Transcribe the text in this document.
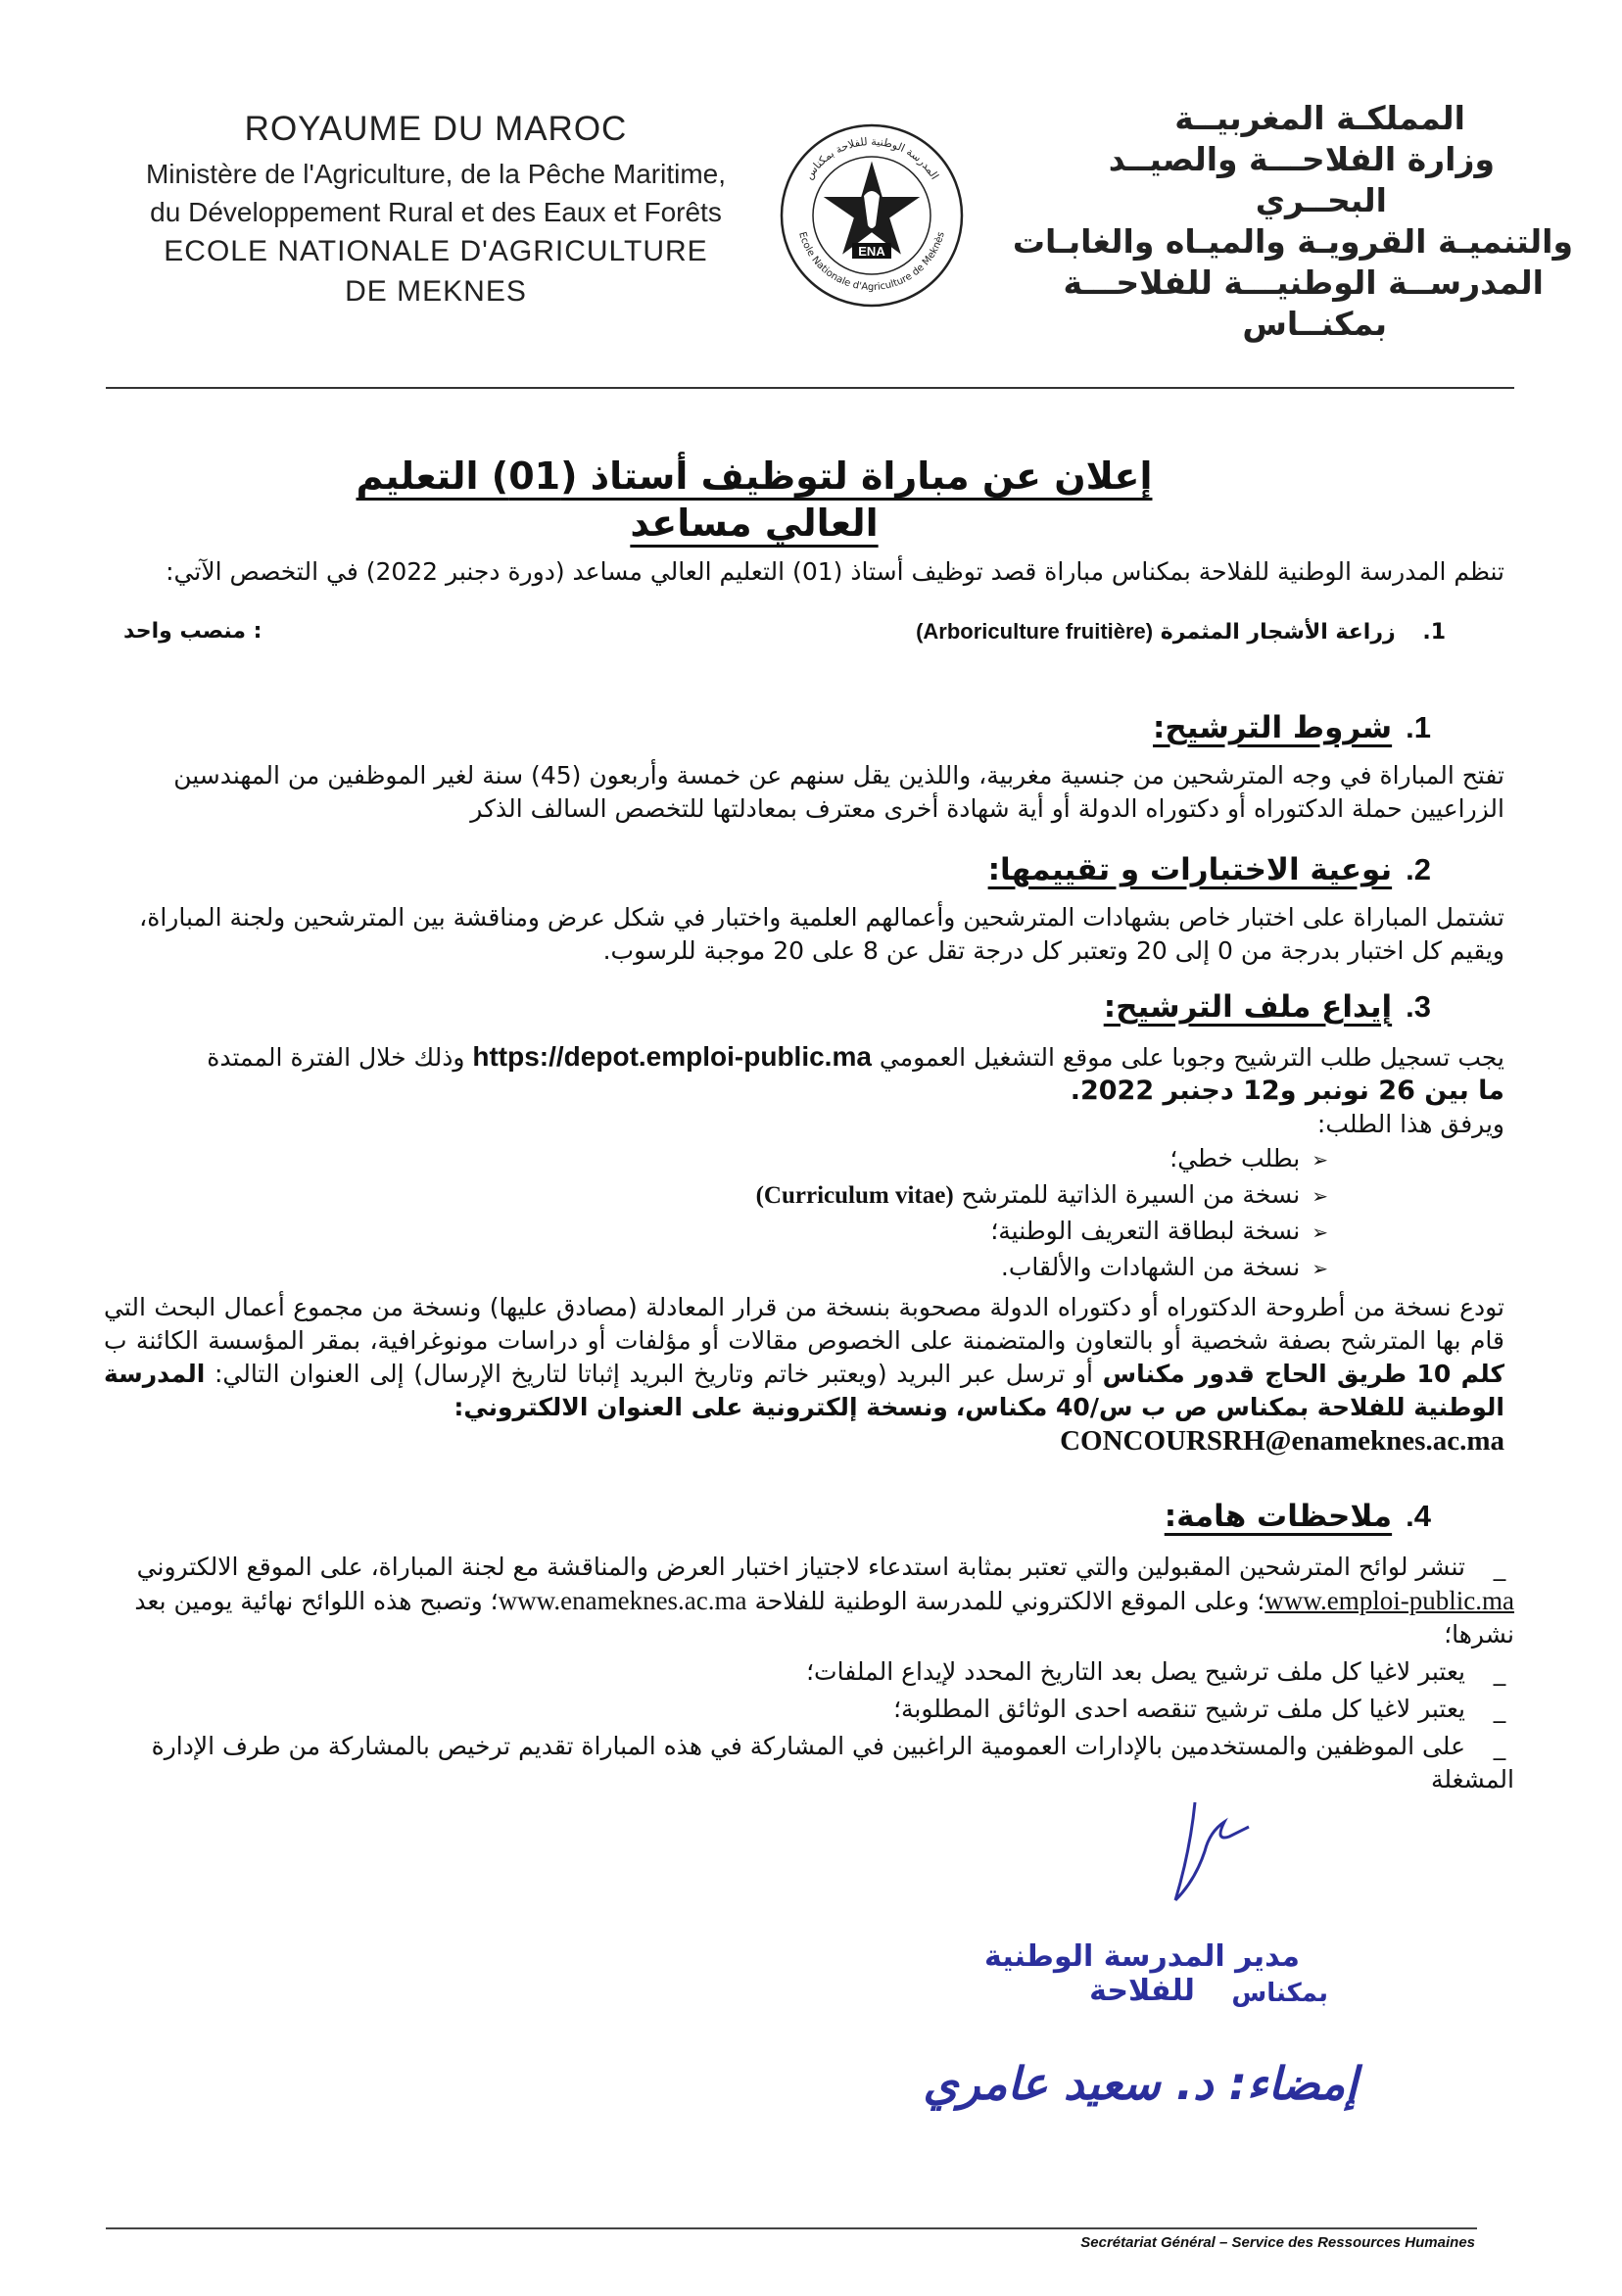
ROYAUME DU MAROC
Ministère de l'Agriculture, de la Pêche Maritime,
du Développement Rural et des Eaux et Forêts
ECOLE NATIONALE D'AGRICULTURE
DE MEKNES
المدرسة الوطنية للفلاحة بمكناس
Ecole Nationale d'Agriculture de Meknès
ENA
المملكـة المغربيــة
وزارة الفلاحـــة والصيــد
البحــري
والتنميـة القرويـة والميـاه والغابـات
المدرســة الوطنيـــة للفلاحـــة
بمكنــاس
إعلان عن مباراة لتوظيف أستاذ (01) التعليم العالي مساعد
تنظم المدرسة الوطنية للفلاحة بمكناس مباراة قصد توظيف أستاذ (01) التعليم العالي مساعد (دورة دجنبر 2022) في التخصص الآتي:
1. زراعة الأشجار المثمرة (Arboriculture fruitière)
: منصب واحد
1.شروط الترشيح:
تفتح المباراة في وجه المترشحين من جنسية مغربية، واللذين يقل سنهم عن خمسة وأربعون (45) سنة لغير الموظفين من المهندسين الزراعيين حملة الدكتوراه أو دكتوراه الدولة أو أية شهادة أخرى معترف بمعادلتها للتخصص السالف الذكر
2.نوعية الاختبارات و تقييمها:
تشتمل المباراة على اختبار خاص بشهادات المترشحين وأعمالهم العلمية واختبار في شكل عرض ومناقشة بين المترشحين ولجنة المباراة، ويقيم كل اختبار بدرجة من 0 إلى 20 وتعتبر كل درجة تقل عن 8 على 20 موجبة للرسوب.
3.إيداع ملف الترشيح:
يجب تسجيل طلب الترشيح وجوبا على موقع التشغيل العمومي https://depot.emploi-public.ma وذلك خلال الفترة الممتدة
ما بين 26 نونبر و12 دجنبر 2022.
ويرفق هذا الطلب:
➢ بطلب خطي؛
➢ نسخة من السيرة الذاتية للمترشح (Curriculum vitae)
➢ نسخة لبطاقة التعريف الوطنية؛
➢ نسخة من الشهادات والألقاب.
تودع نسخة من أطروحة الدكتوراه أو دكتوراه الدولة مصحوبة بنسخة من قرار المعادلة (مصادق عليها) ونسخة من مجموع أعمال البحث التي قام بها المترشح بصفة شخصية أو بالتعاون والمتضمنة على الخصوص مقالات أو مؤلفات أو دراسات مونوغرافية، بمقر المؤسسة الكائنة ب كلم 10 طريق الحاج قدور مكناس أو ترسل عبر البريد (ويعتبر خاتم وتاريخ البريد إثباتا لتاريخ الإرسال) إلى العنوان التالي: المدرسة الوطنية للفلاحة بمكناس ص ب س/40 مكناس، ونسخة إلكترونية على العنوان الالكتروني:
CONCOURSRH@enameknes.ac.ma
4.ملاحظات هامة:
_تنشر لوائح المترشحين المقبولين والتي تعتبر بمثابة استدعاء لاجتياز اختبار العرض والمناقشة مع لجنة المباراة، على الموقع الالكتروني www.emploi-public.ma؛ وعلى الموقع الالكتروني للمدرسة الوطنية للفلاحة www.enameknes.ac.ma؛ وتصبح هذه اللوائح نهائية يومين بعد نشرها؛
_يعتبر لاغيا كل ملف ترشيح يصل بعد التاريخ المحدد لإيداع الملفات؛
_يعتبر لاغيا كل ملف ترشيح تنقصه احدى الوثائق المطلوبة؛
_على الموظفين والمستخدمين بالإدارات العمومية الراغبين في المشاركة في هذه المباراة تقديم ترخيص بالمشاركة من طرف الإدارة المشغلة
مدير المدرسة الوطنية للفلاحة	بمكناس
إمضاء: د. سعيد عامري
Secrétariat Général – Service des Ressources Humaines
